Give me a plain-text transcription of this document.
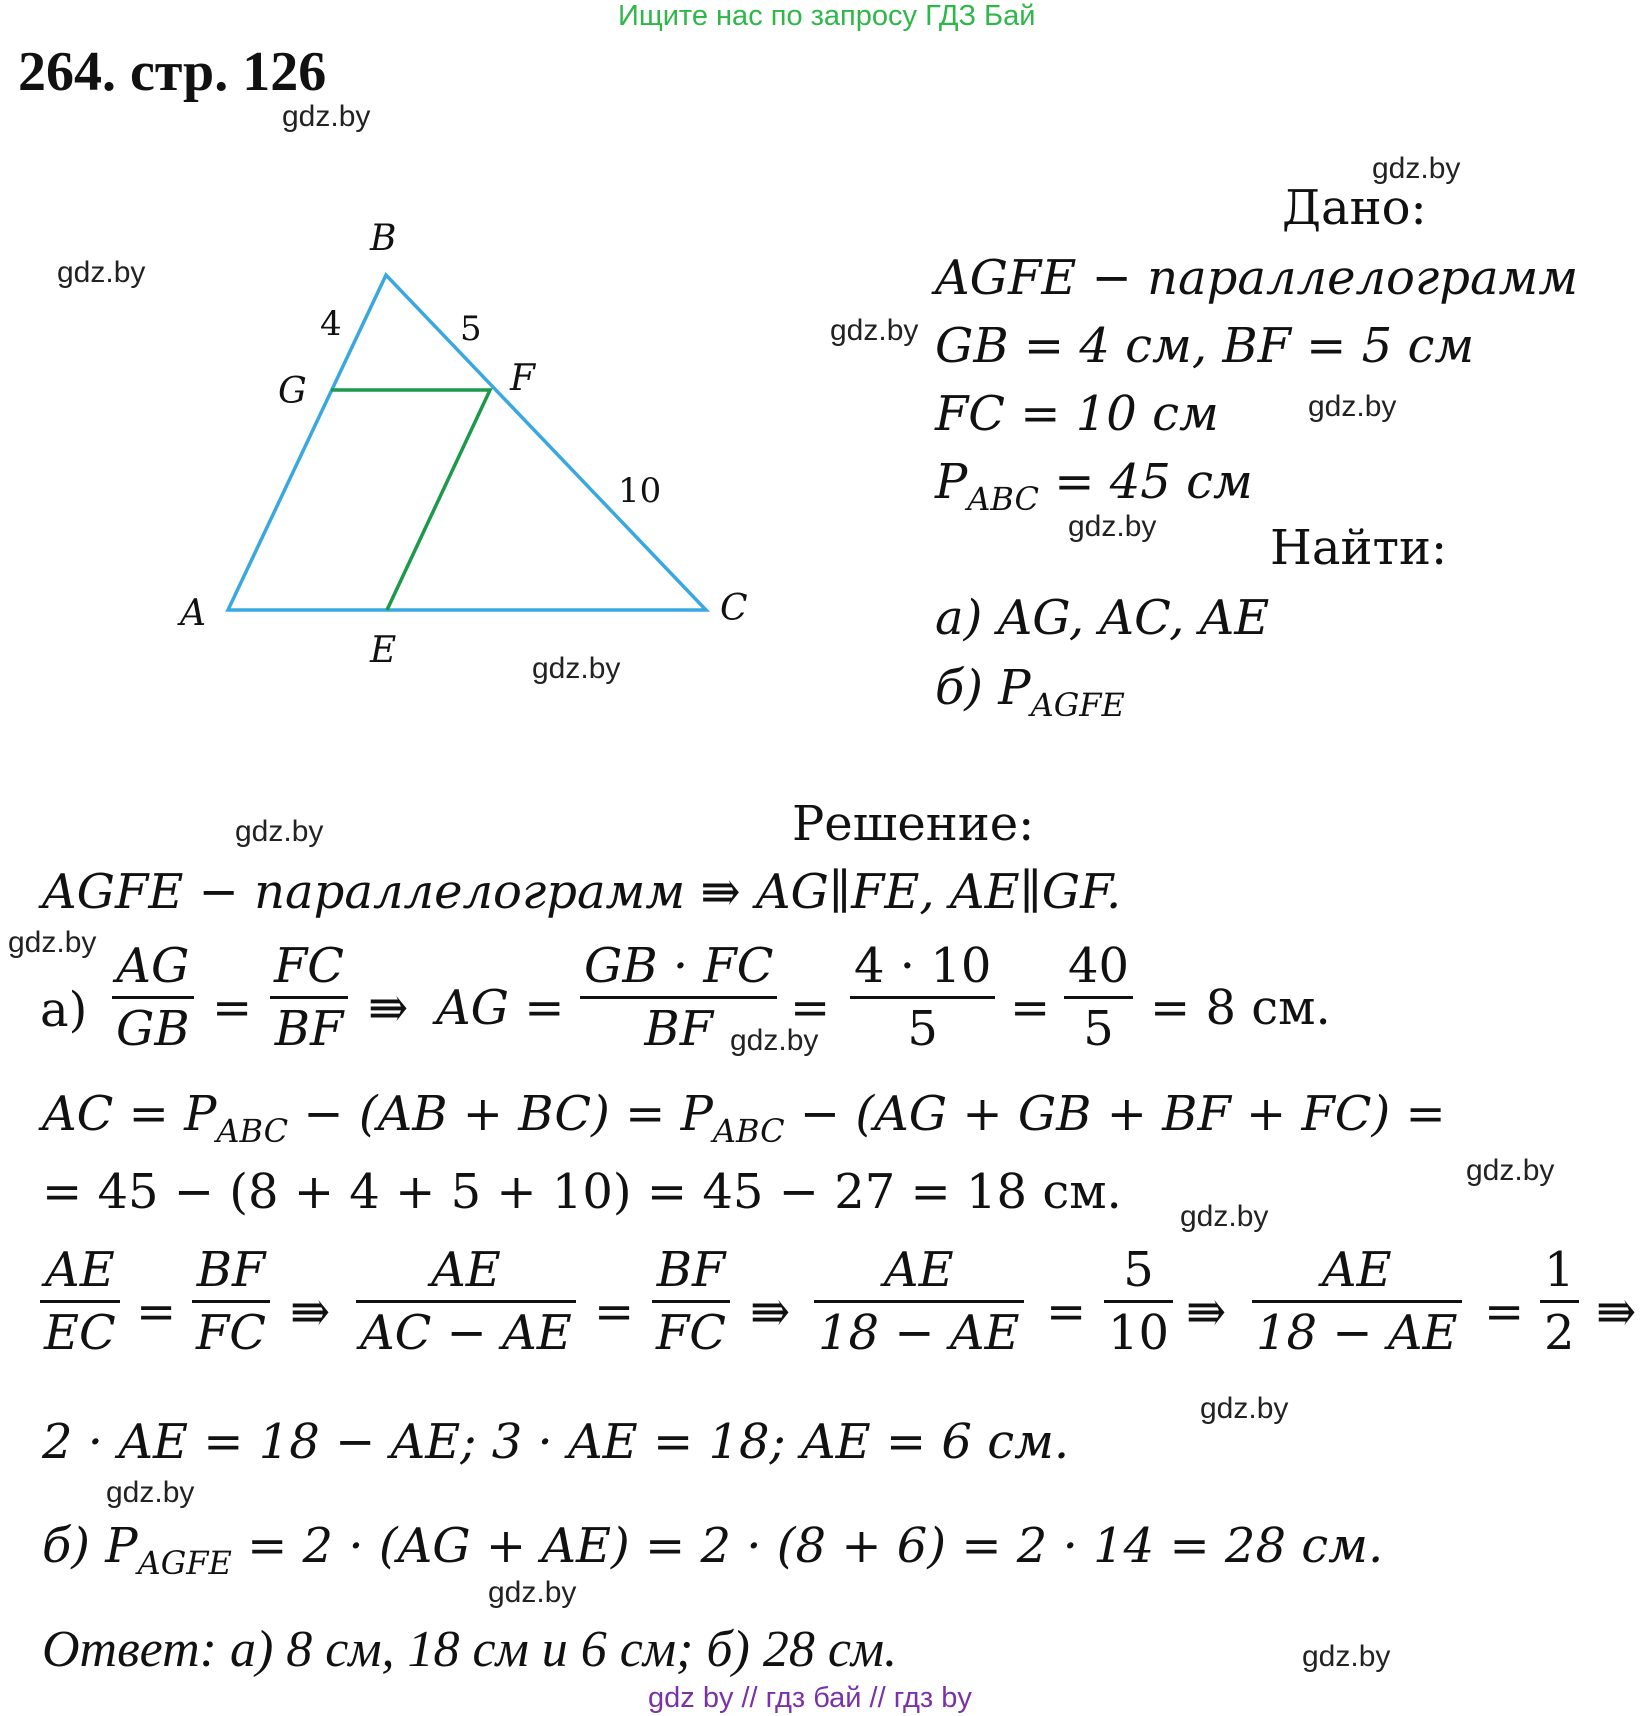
Ищите нас по запросу ГДЗ Бай
264. стр. 126
gdz.by
gdz.by
gdz.by
gdz.by
gdz.by
gdz.by
gdz.by
gdz.by
gdz.by
gdz.by
gdz.by
gdz.by
gdz.by
gdz.by
gdz.by
gdz.by
B
A	C
E
F
G
4	5
10
Дано:
AGFE − параллелограмм
GB = 4 см, BF = 5 см
FC = 10 см
$P_{ABC} = 45$ см
Найти:
а) AG, AC, AE
б) $P_{AGFE}$
Решение:
AGFE − параллелограмм ⇛ AG∥FE, AE∥GF.
а)
AG
GB =
FC
BF ⇛ AG =
GB · FC
BF =
4 · 10
5 =
40
5 = 8 см.
AC = $P_{ABC} - (AB + BC) = P_{ABC} - (AG$ + GB + BF + FC) =
= 45 − (8 + 4 + 5 + 10) = 45 − 27 = 18 см.
AE
EC =
BF
FC ⇛
AE
AC − AE =
BF
FC ⇛
AE
18 − AE =
5
10 ⇛
AE
18 − AE =
1
2 ⇛
2 · AE = 18 − AE; 3 · AE = 18; AE = 6 см.
б) $P_{AGFE} = 2 \cdot (AG + AE) = 2 \cdot (8 + 6) = 2 \cdot 14 = 28$ см.
Ответ: а) 8 см, 18 см и 6 см; б) 28 см.
gdz by // гдз бай // гдз by
